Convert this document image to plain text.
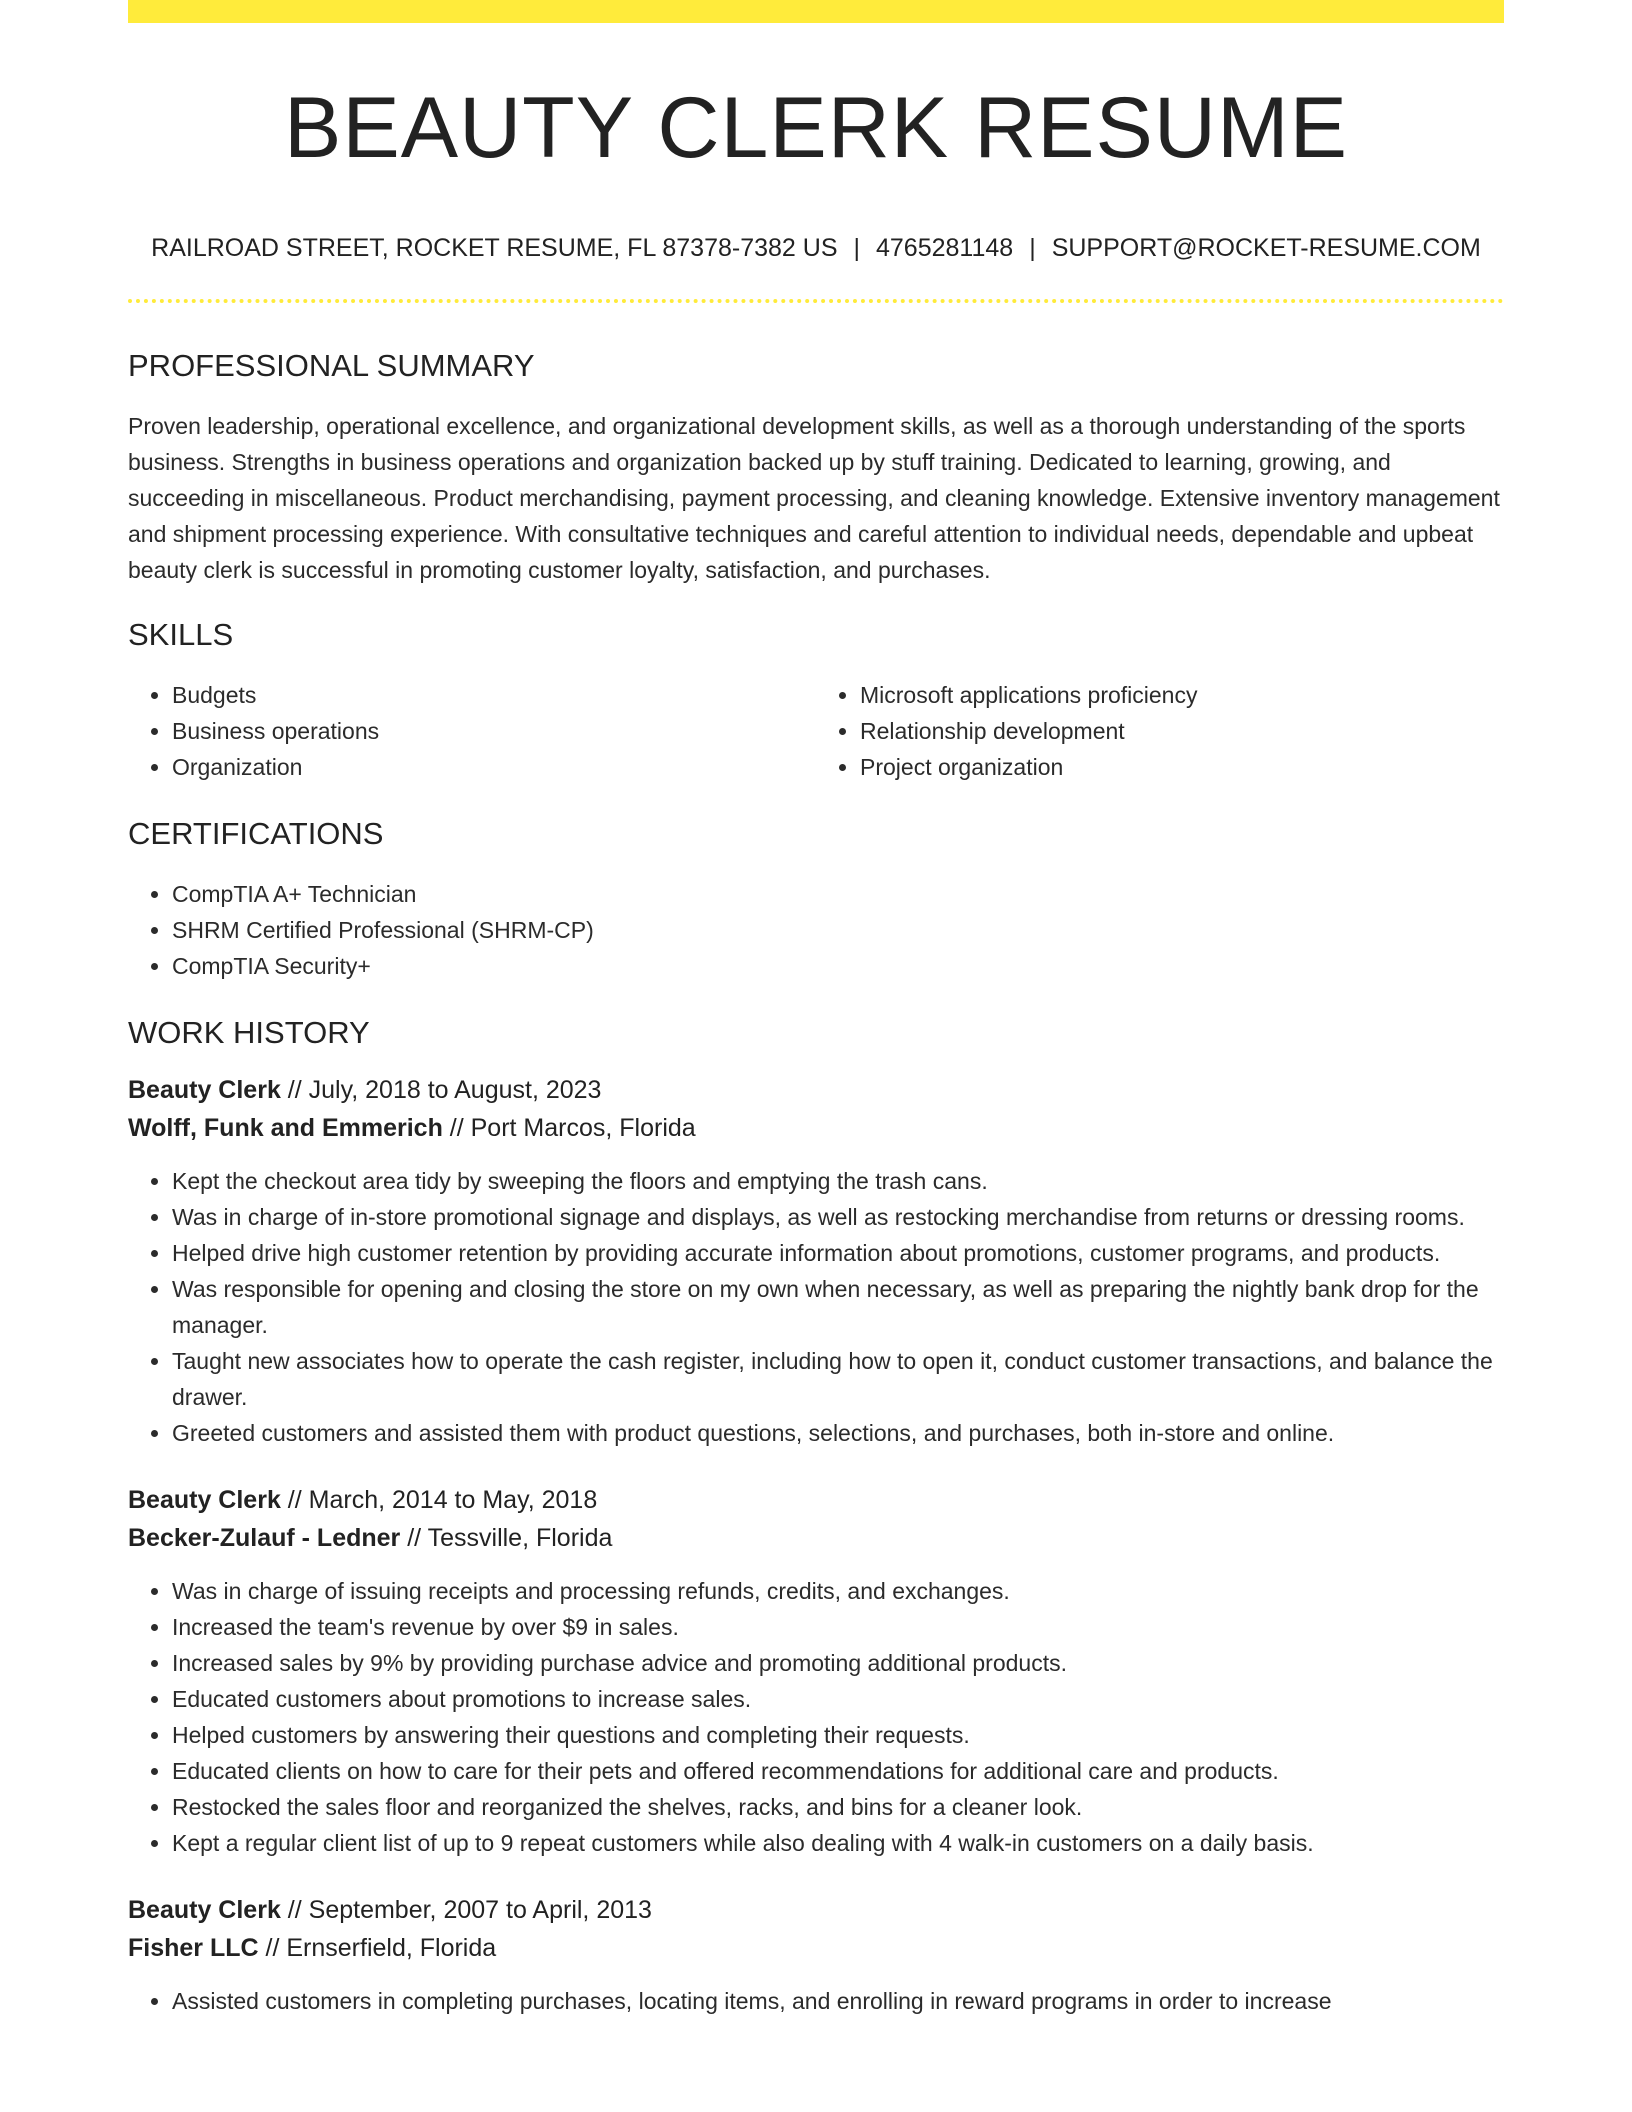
BEAUTY CLERK RESUME
RAILROAD STREET, ROCKET RESUME, FL 87378-7382 US | 4765281148 | SUPPORT@ROCKET-RESUME.COM
PROFESSIONAL SUMMARY

Proven leadership, operational excellence, and organizational development skills, as well as a thorough understanding of the sports business. Strengths in business operations and organization backed up by stuff training. Dedicated to learning, growing, and succeeding in miscellaneous. Product merchandising, payment processing, and cleaning knowledge. Extensive inventory management and shipment processing experience. With consultative techniques and careful attention to individual needs, dependable and upbeat beauty clerk is successful in promoting customer loyalty, satisfaction, and purchases.

SKILLS
• Budgets
• Business operations
• Organization
• Microsoft applications proficiency
• Relationship development
• Project organization
CERTIFICATIONS
• CompTIA A+ Technician
• SHRM Certified Professional (SHRM-CP)
• CompTIA Security+
WORK HISTORY

Beauty Clerk // July, 2018 to August, 2023

Wolff, Funk and Emmerich // Port Marcos, Florida

• Kept the checkout area tidy by sweeping the floors and emptying the trash cans.
• Was in charge of in-store promotional signage and displays, as well as restocking merchandise from returns or dressing rooms.
• Helped drive high customer retention by providing accurate information about promotions, customer programs, and products.
• Was responsible for opening and closing the store on my own when necessary, as well as preparing the nightly bank drop for the manager.
• Taught new associates how to operate the cash register, including how to open it, conduct customer transactions, and balance the drawer.
• Greeted customers and assisted them with product questions, selections, and purchases, both in-store and online.

Beauty Clerk // March, 2014 to May, 2018

Becker-Zulauf - Ledner // Tessville, Florida

• Was in charge of issuing receipts and processing refunds, credits, and exchanges.
• Increased the team's revenue by over $9 in sales.
• Increased sales by 9% by providing purchase advice and promoting additional products.
• Educated customers about promotions to increase sales.
• Helped customers by answering their questions and completing their requests.
• Educated clients on how to care for their pets and offered recommendations for additional care and products.
• Restocked the sales floor and reorganized the shelves, racks, and bins for a cleaner look.
• Kept a regular client list of up to 9 repeat customers while also dealing with 4 walk-in customers on a daily basis.

Beauty Clerk // September, 2007 to April, 2013

Fisher LLC // Ernserfield, Florida

• Assisted customers in completing purchases, locating items, and enrolling in reward programs in order to increase
